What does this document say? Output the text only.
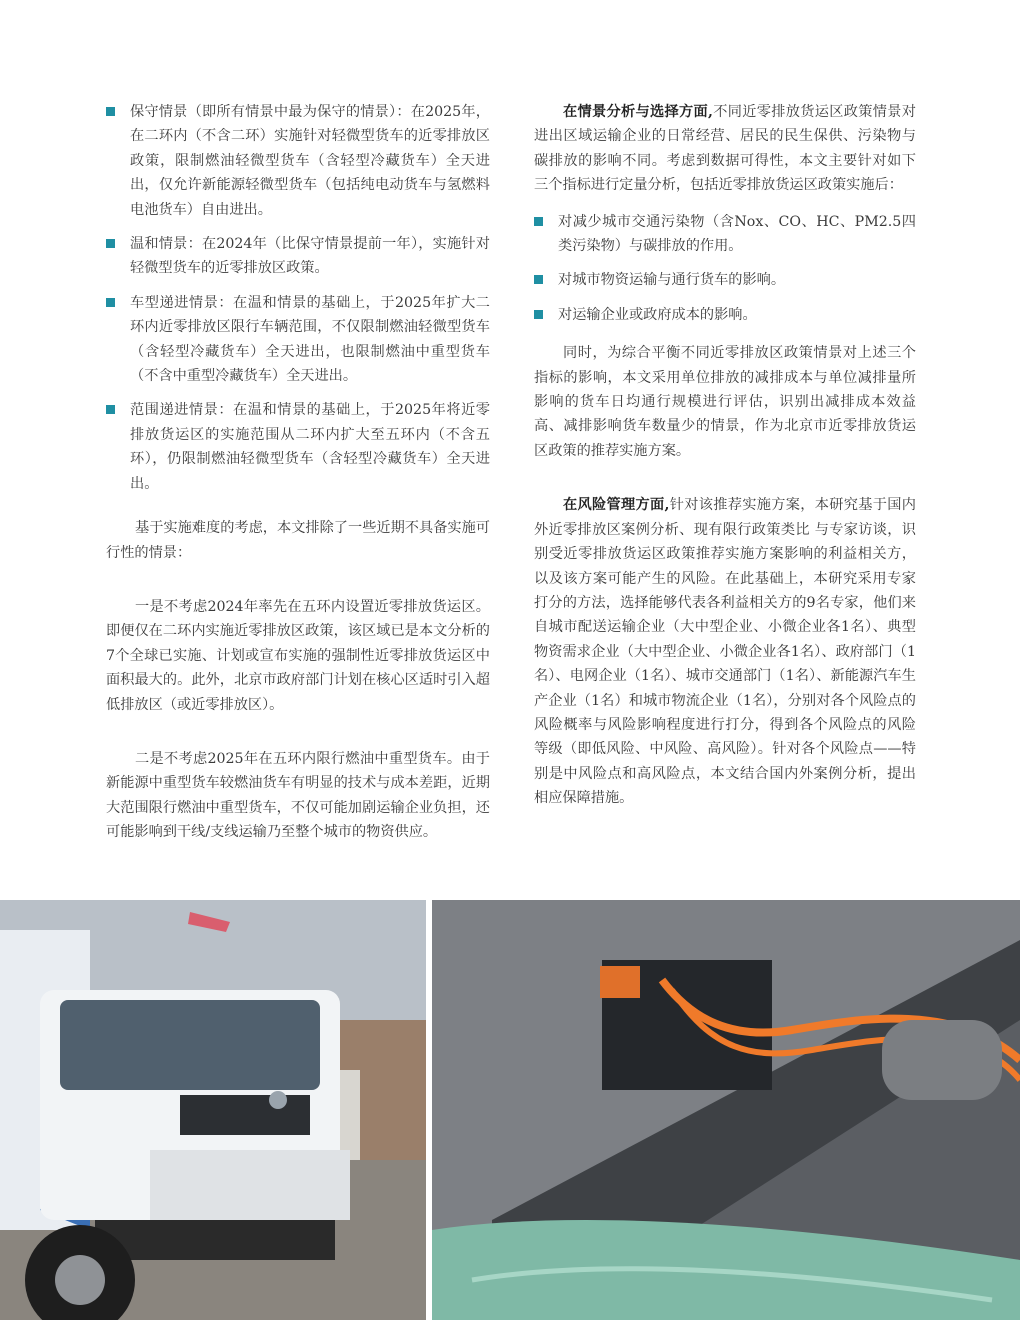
保守情景（即所有情景中最为保守的情景）：在2025年，在二环内（不含二环）实施针对轻微型货车的近零排放区政策，限制燃油轻微型货车（含轻型冷藏货车）全天进出，仅允许新能源轻微型货车（包括纯电动货车与氢燃料电池货车）自由进出。
温和情景：在2024年（比保守情景提前一年），实施针对轻微型货车的近零排放区政策。
车型递进情景：在温和情景的基础上，于2025年扩大二环内近零排放区限行车辆范围，不仅限制燃油轻微型货车（含轻型冷藏货车）全天进出，也限制燃油中重型货车（不含中重型冷藏货车）全天进出。
范围递进情景：在温和情景的基础上，于2025年将近零排放货运区的实施范围从二环内扩大至五环内（不含五环），仍限制燃油轻微型货车（含轻型冷藏货车）全天进出。

基于实施难度的考虑，本文排除了一些近期不具备实施可行性的情景：

一是不考虑2024年率先在五环内设置近零排放货运区。即便仅在二环内实施近零排放区政策，该区域已是本文分析的7个全球已实施、计划或宣布实施的强制性近零排放货运区中面积最大的。此外，北京市政府部门计划在核心区适时引入超低排放区（或近零排放区）。

二是不考虑2025年在五环内限行燃油中重型货车。由于新能源中重型货车较燃油货车有明显的技术与成本差距，近期大范围限行燃油中重型货车，不仅可能加剧运输企业负担，还可能影响到干线/支线运输乃至整个城市的物资供应。

在情景分析与选择方面,不同近零排放货运区政策情景对进出区域运输企业的日常经营、居民的民生保供、污染物与碳排放的影响不同。考虑到数据可得性，本文主要针对如下三个指标进行定量分析，包括近零排放货运区政策实施后：

对减少城市交通污染物（含Nox、CO、HC、PM2.5四类污染物）与碳排放的作用。
对城市物资运输与通行货车的影响。
对运输企业或政府成本的影响。

同时，为综合平衡不同近零排放区政策情景对上述三个指标的影响，本文采用单位排放的减排成本与单位减排量所影响的货车日均通行规模进行评估，识别出减排成本效益高、减排影响货车数量少的情景，作为北京市近零排放货运区政策的推荐实施方案。

在风险管理方面,针对该推荐实施方案，本研究基于国内外近零排放区案例分析、现有限行政策类比 与专家访谈，识别受近零排放货运区政策推荐实施方案影响的利益相关方，以及该方案可能产生的风险。在此基础上，本研究采用专家打分的方法，选择能够代表各利益相关方的9名专家，他们来自城市配送运输企业（大中型企业、小微企业各1名）、典型物资需求企业（大中型企业、小微企业各1名）、政府部门（1名）、电网企业（1名）、城市交通部门（1名）、新能源汽车生产企业（1名）和城市物流企业（1名），分别对各个风险点的风险概率与风险影响程度进行打分，得到各个风险点的风险等级（即低风险、中风险、高风险）。针对各个风险点——特别是中风险点和高风险点，本文结合国内外案例分析，提出相应保障措施。
